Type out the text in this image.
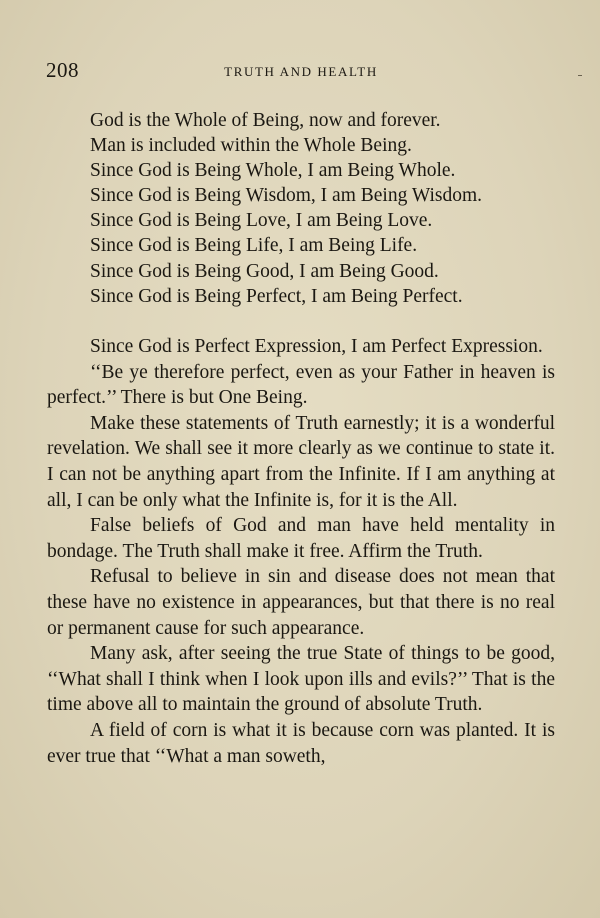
208	TRUTH AND HEALTH
God is the Whole of Being, now and forever.
Man is included within the Whole Being.
Since God is Being Whole, I am Being Whole.
Since God is Being Wisdom, I am Being Wisdom.
Since God is Being Love, I am Being Love.
Since God is Being Life, I am Being Life.
Since God is Being Good, I am Being Good.
Since God is Being Perfect, I am Being Perfect.

Since God is Perfect Expression, I am Perfect Expression.

‘‘Be ye therefore perfect, even as your Father in heaven is perfect.’’ There is but One Being.

Make these statements of Truth earnestly; it is a wonderful revelation. We shall see it more clearly as we continue to state it. I can not be anything apart from the Infinite. If I am anything at all, I can be only what the Infinite is, for it is the All.

False beliefs of God and man have held mentality in bondage. The Truth shall make it free. Affirm the Truth.

Refusal to believe in sin and disease does not mean that these have no existence in appearances, but that there is no real or permanent cause for such appearance.

Many ask, after seeing the true State of things to be good, ‘‘What shall I think when I look upon ills and evils?’’ That is the time above all to maintain the ground of absolute Truth.

A field of corn is what it is because corn was planted. It is ever true that ‘‘What a man soweth,
